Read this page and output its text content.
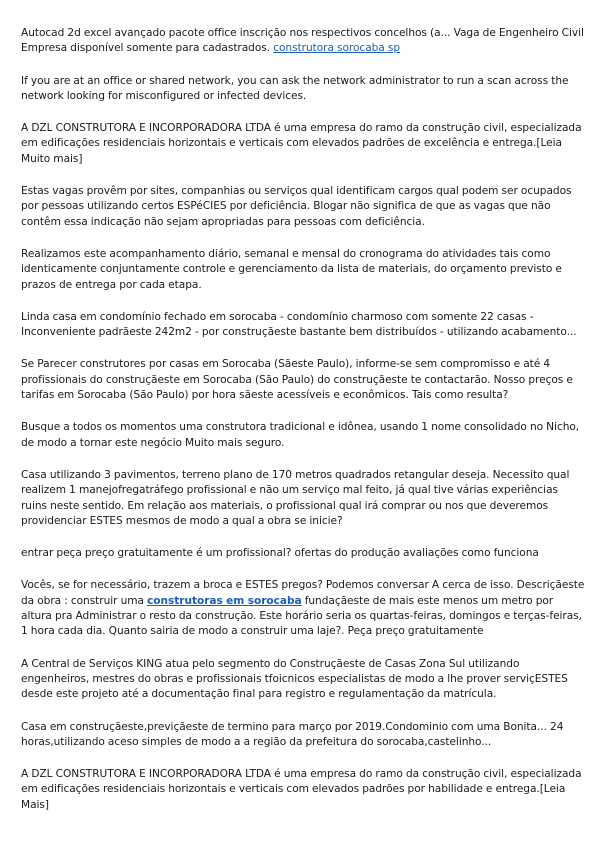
Autocad 2d excel avançado pacote office inscrição nos respectivos concelhos (a... Vaga de Engenheiro Civil Empresa disponível somente para cadastrados. construtora sorocaba sp

If you are at an office or shared network, you can ask the network administrator to run a scan across the network looking for misconfigured or infected devices.

A DZL CONSTRUTORA E INCORPORADORA LTDA é uma empresa do ramo da construção civil, especializada em edificações residenciais horizontais e verticais com elevados padrões de excelência e entrega.[Leia Muito mais]

Estas vagas provêm por sites, companhias ou serviços qual identificam cargos qual podem ser ocupados por pessoas utilizando certos ESPéCIES por deficiência. Blogar não significa de que as vagas que não contêm essa indicação não sejam apropriadas para pessoas com deficiência.

Realizamos este acompanhamento diário, semanal e mensal do cronograma do atividades tais como identicamente conjuntamente controle e gerenciamento da lista de materiais, do orçamento previsto e prazos de entrega por cada etapa.

Linda casa em condomínio fechado em sorocaba - condomínio charmoso com somente 22 casas - Inconveniente padrãeste 242m2 - por construçãeste bastante bem distribuídos - utilizando acabamento...

Se Parecer construtores por casas em Sorocaba (Sãeste Paulo), informe-se sem compromisso e até 4 profissionais do construçãeste em Sorocaba (São Paulo) do construçãeste te contactarão. Nosso preços e tarifas em Sorocaba (São Paulo) por hora sãeste acessíveis e econômicos. Tais como resulta?

Busque a todos os momentos uma construtora tradicional e idônea, usando 1 nome consolidado no Nicho, de modo a tornar este negócio Muito mais seguro.

Casa utilizando 3 pavimentos, terreno plano de 170 metros quadrados retangular deseja. Necessito qual realizem 1 manejofregatráfego profissional e não um serviço mal feito, já qual tive várias experiências ruins neste sentido. Em relação aos materiais, o profissional qual irá comprar ou nos que deveremos providenciar ESTES mesmos de modo a qual a obra se inicie?

entrar peça preço gratuitamente é um profissional? ofertas do produção avaliações como funciona

Vocês, se for necessário, trazem a broca e ESTES pregos? Podemos conversar A cerca de isso. Descriçãeste da obra : construir uma construtoras em sorocaba fundaçãeste de mais este menos um metro por altura pra Administrar o resto da construção. Este horário seria os quartas-feiras, domingos e terças-feiras, 1 hora cada dia. Quanto sairia de modo a construir uma laje?. Peça preço gratuitamente

A Central de Serviços KING atua pelo segmento do Construçãeste de Casas Zona Sul utilizando engenheiros, mestres do obras e profissionais tfoicnicos especialistas de modo a lhe prover serviçESTES desde este projeto até a documentação final para registro e regulamentação da matrícula.

Casa em construçãeste,previçãeste de termino para março por 2019.Condominio com uma Bonita... 24 horas,utilizando aceso simples de modo a a região da prefeitura do sorocaba,castelinho...

A DZL CONSTRUTORA E INCORPORADORA LTDA é uma empresa do ramo da construção civil, especializada em edificações residenciais horizontais e verticais com elevados padrões por habilidade e entrega.[Leia Mais]
